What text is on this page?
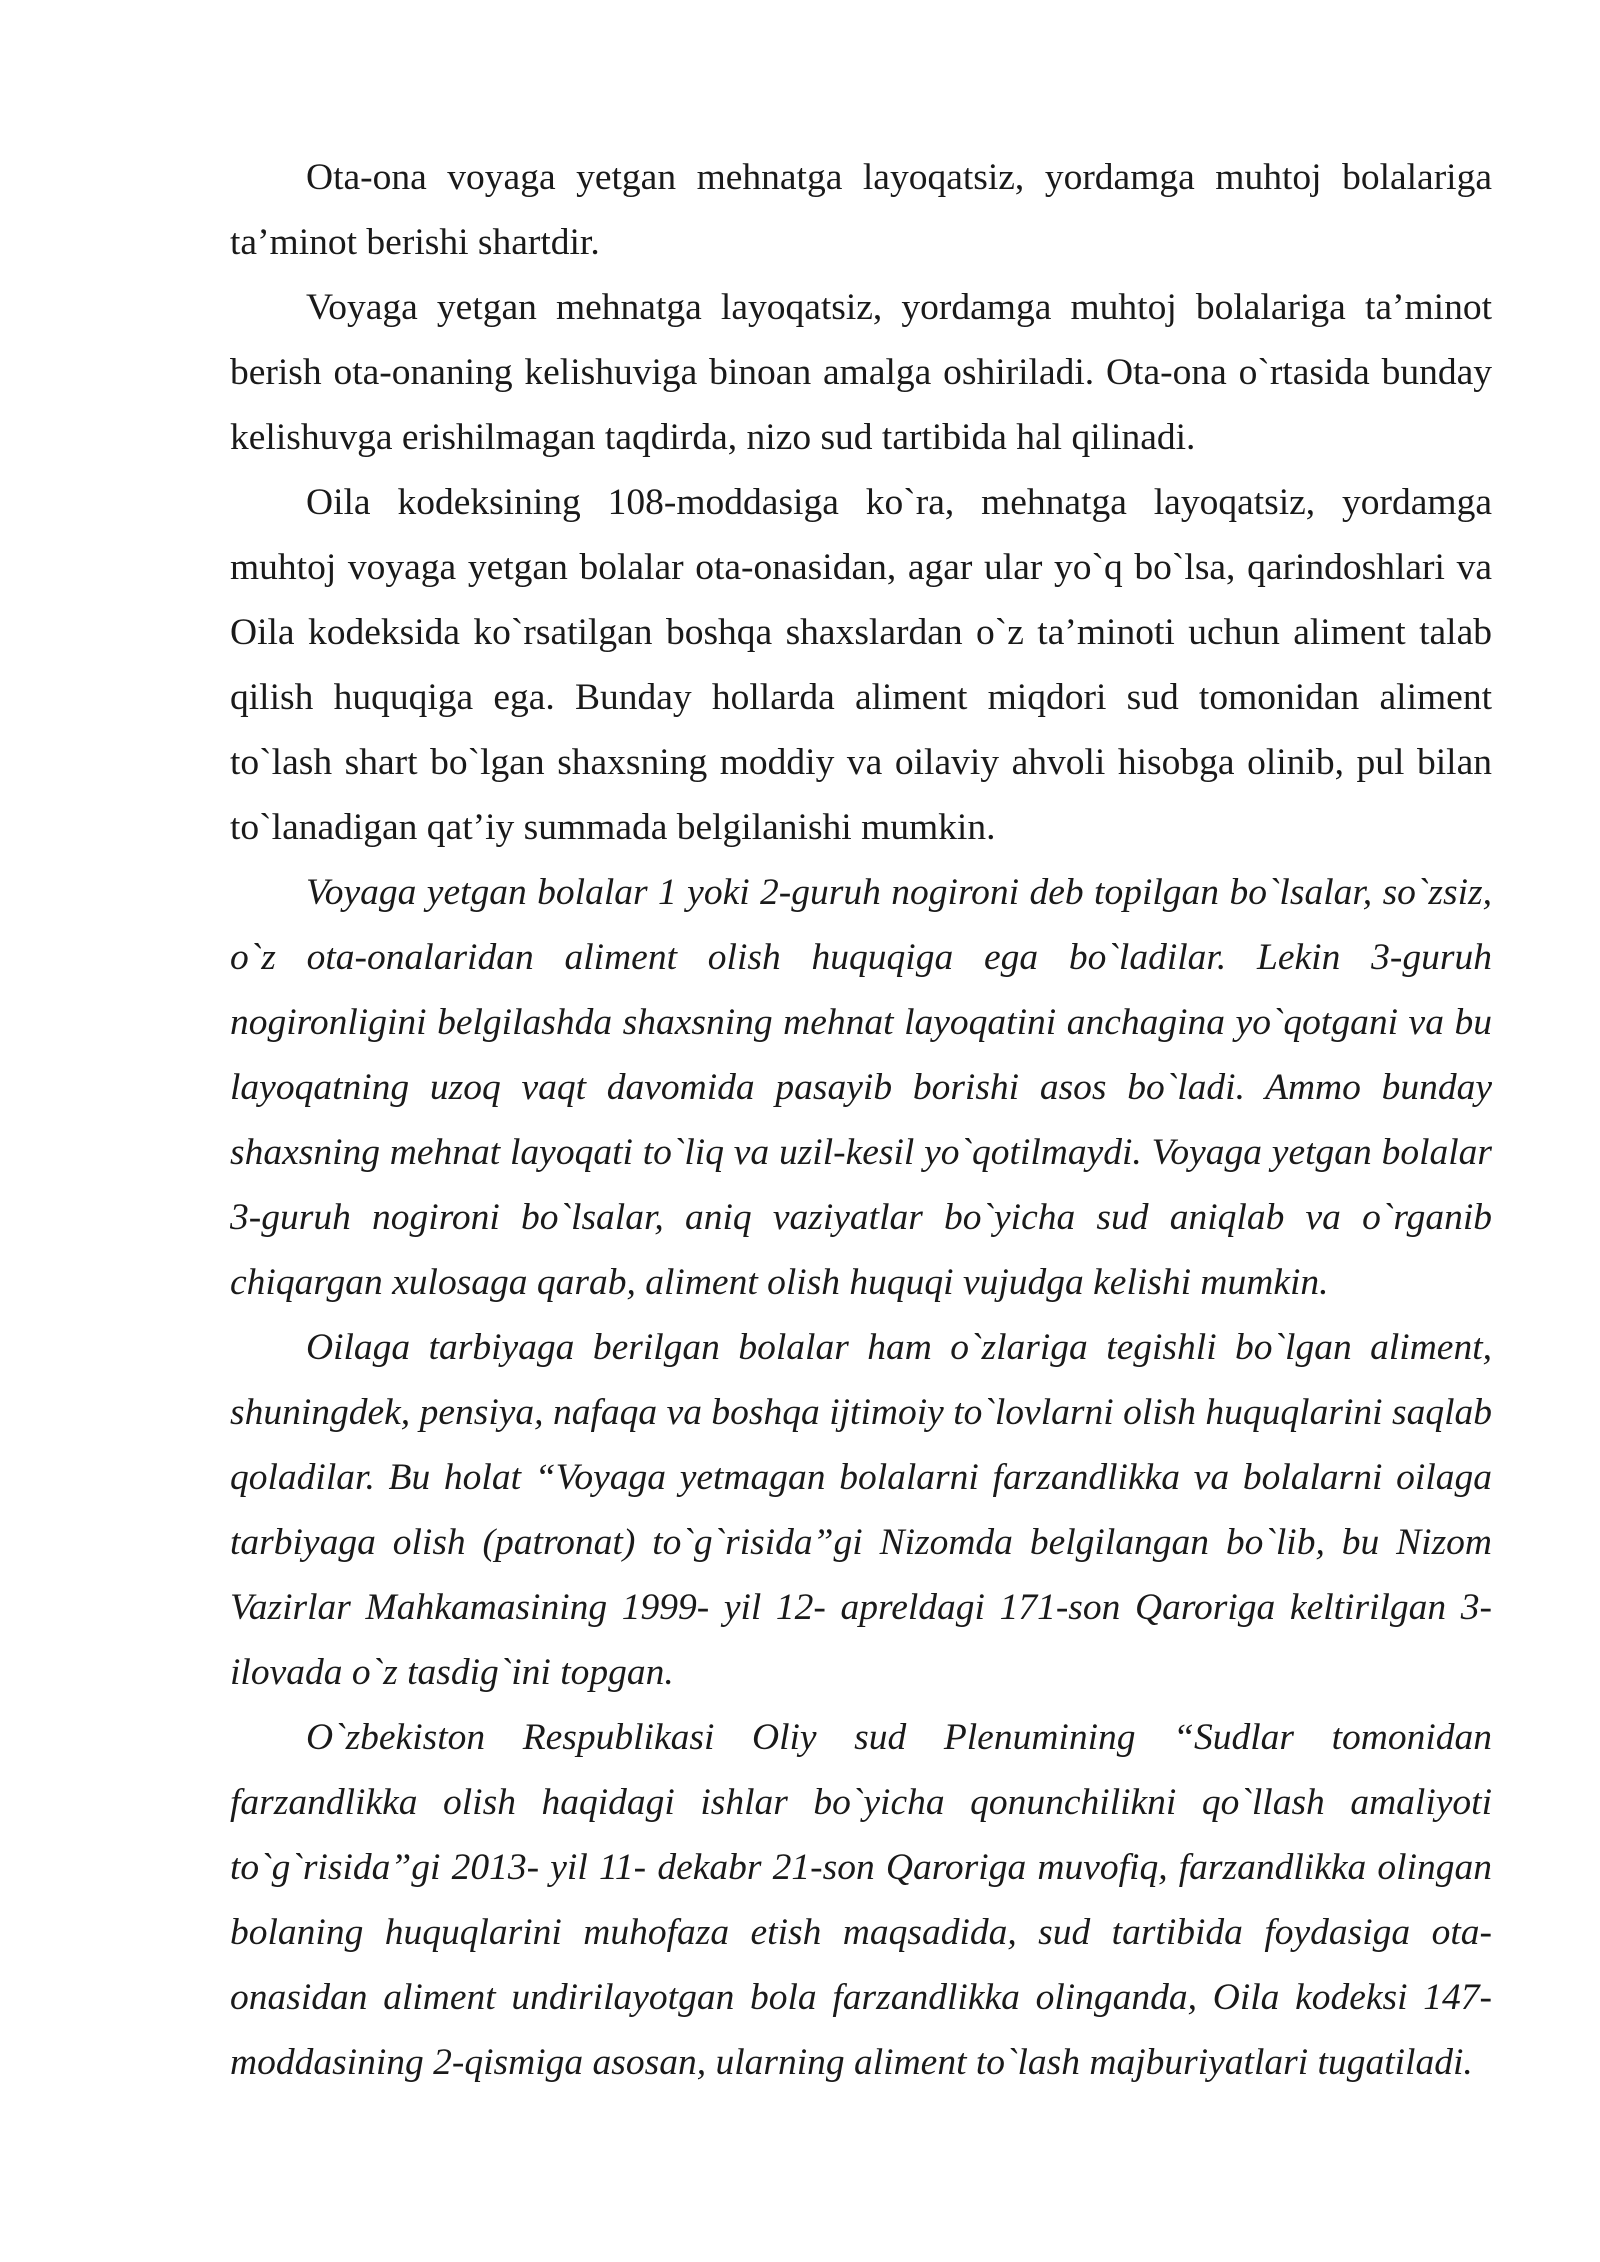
Ota-ona voyaga yetgan mehnatga layoqatsiz, yordamga muhtoj bolalariga ta’minot berishi shartdir.

Voyaga yetgan mehnatga layoqatsiz, yordamga muhtoj bolalariga ta’minot berish ota-onaning kelishuviga binoan amalga oshiriladi. Ota-ona o`rtasida bunday kelishuvga erishilmagan taqdirda, nizo sud tartibida hal qilinadi.

Oila kodeksining 108-moddasiga ko`ra, mehnatga layoqatsiz, yordamga muhtoj voyaga yetgan bolalar ota-onasidan, agar ular yo`q bo`lsa, qarindoshlari va Oila kodeksida ko`rsatilgan boshqa shaxslardan o`z ta’minoti uchun aliment talab qilish huquqiga ega. Bunday hollarda aliment miqdori sud tomonidan aliment to`lash shart bo`lgan shaxsning moddiy va oilaviy ahvoli hisobga olinib, pul bilan to`lanadigan qat’iy summada belgilanishi mumkin.

Voyaga yetgan bolalar 1 yoki 2-guruh nogironi deb topilgan bo`lsalar, so`zsiz, o`z ota-onalaridan aliment olish huquqiga ega bo`ladilar. Lekin 3-guruh nogironligini belgilashda shaxsning mehnat layoqatini anchagina yo`qotgani va bu layoqatning uzoq vaqt davomida pasayib borishi asos bo`ladi. Ammo bunday shaxsning mehnat layoqati to`liq va uzil-kesil yo`qotilmaydi. Voyaga yetgan bolalar 3-guruh nogironi bo`lsalar, aniq vaziyatlar bo`yicha sud aniqlab va o`rganib chiqargan xulosaga qarab, aliment olish huquqi vujudga kelishi mumkin.

Oilaga tarbiyaga berilgan bolalar ham o`zlariga tegishli bo`lgan aliment, shuningdek, pensiya, nafaqa va boshqa ijtimoiy to`lovlarni olish huquqlarini saqlab qoladilar. Bu holat “Voyaga yetmagan bolalarni farzandlikka va bolalarni oilaga tarbiyaga olish (patronat) to`g`risida”gi Nizomda belgilangan bo`lib, bu Nizom Vazirlar Mahkamasining 1999- yil 12- apreldagi 171-son Qaroriga keltirilgan 3-ilovada o`z tasdig`ini topgan.

O`zbekiston Respublikasi Oliy sud Plenumining “Sudlar tomonidan farzandlikka olish haqidagi ishlar bo`yicha qonunchilikni qo`llash amaliyoti to`g`risida”gi 2013- yil 11- dekabr 21-son Qaroriga muvofiq, farzandlikka olingan bolaning huquqlarini muhofaza etish maqsadida, sud tartibida foydasiga ota-onasidan aliment undirilayotgan bola farzandlikka olinganda, Oila kodeksi 147-moddasining 2-qismiga asosan, ularning aliment to`lash majburiyatlari tugatiladi.
